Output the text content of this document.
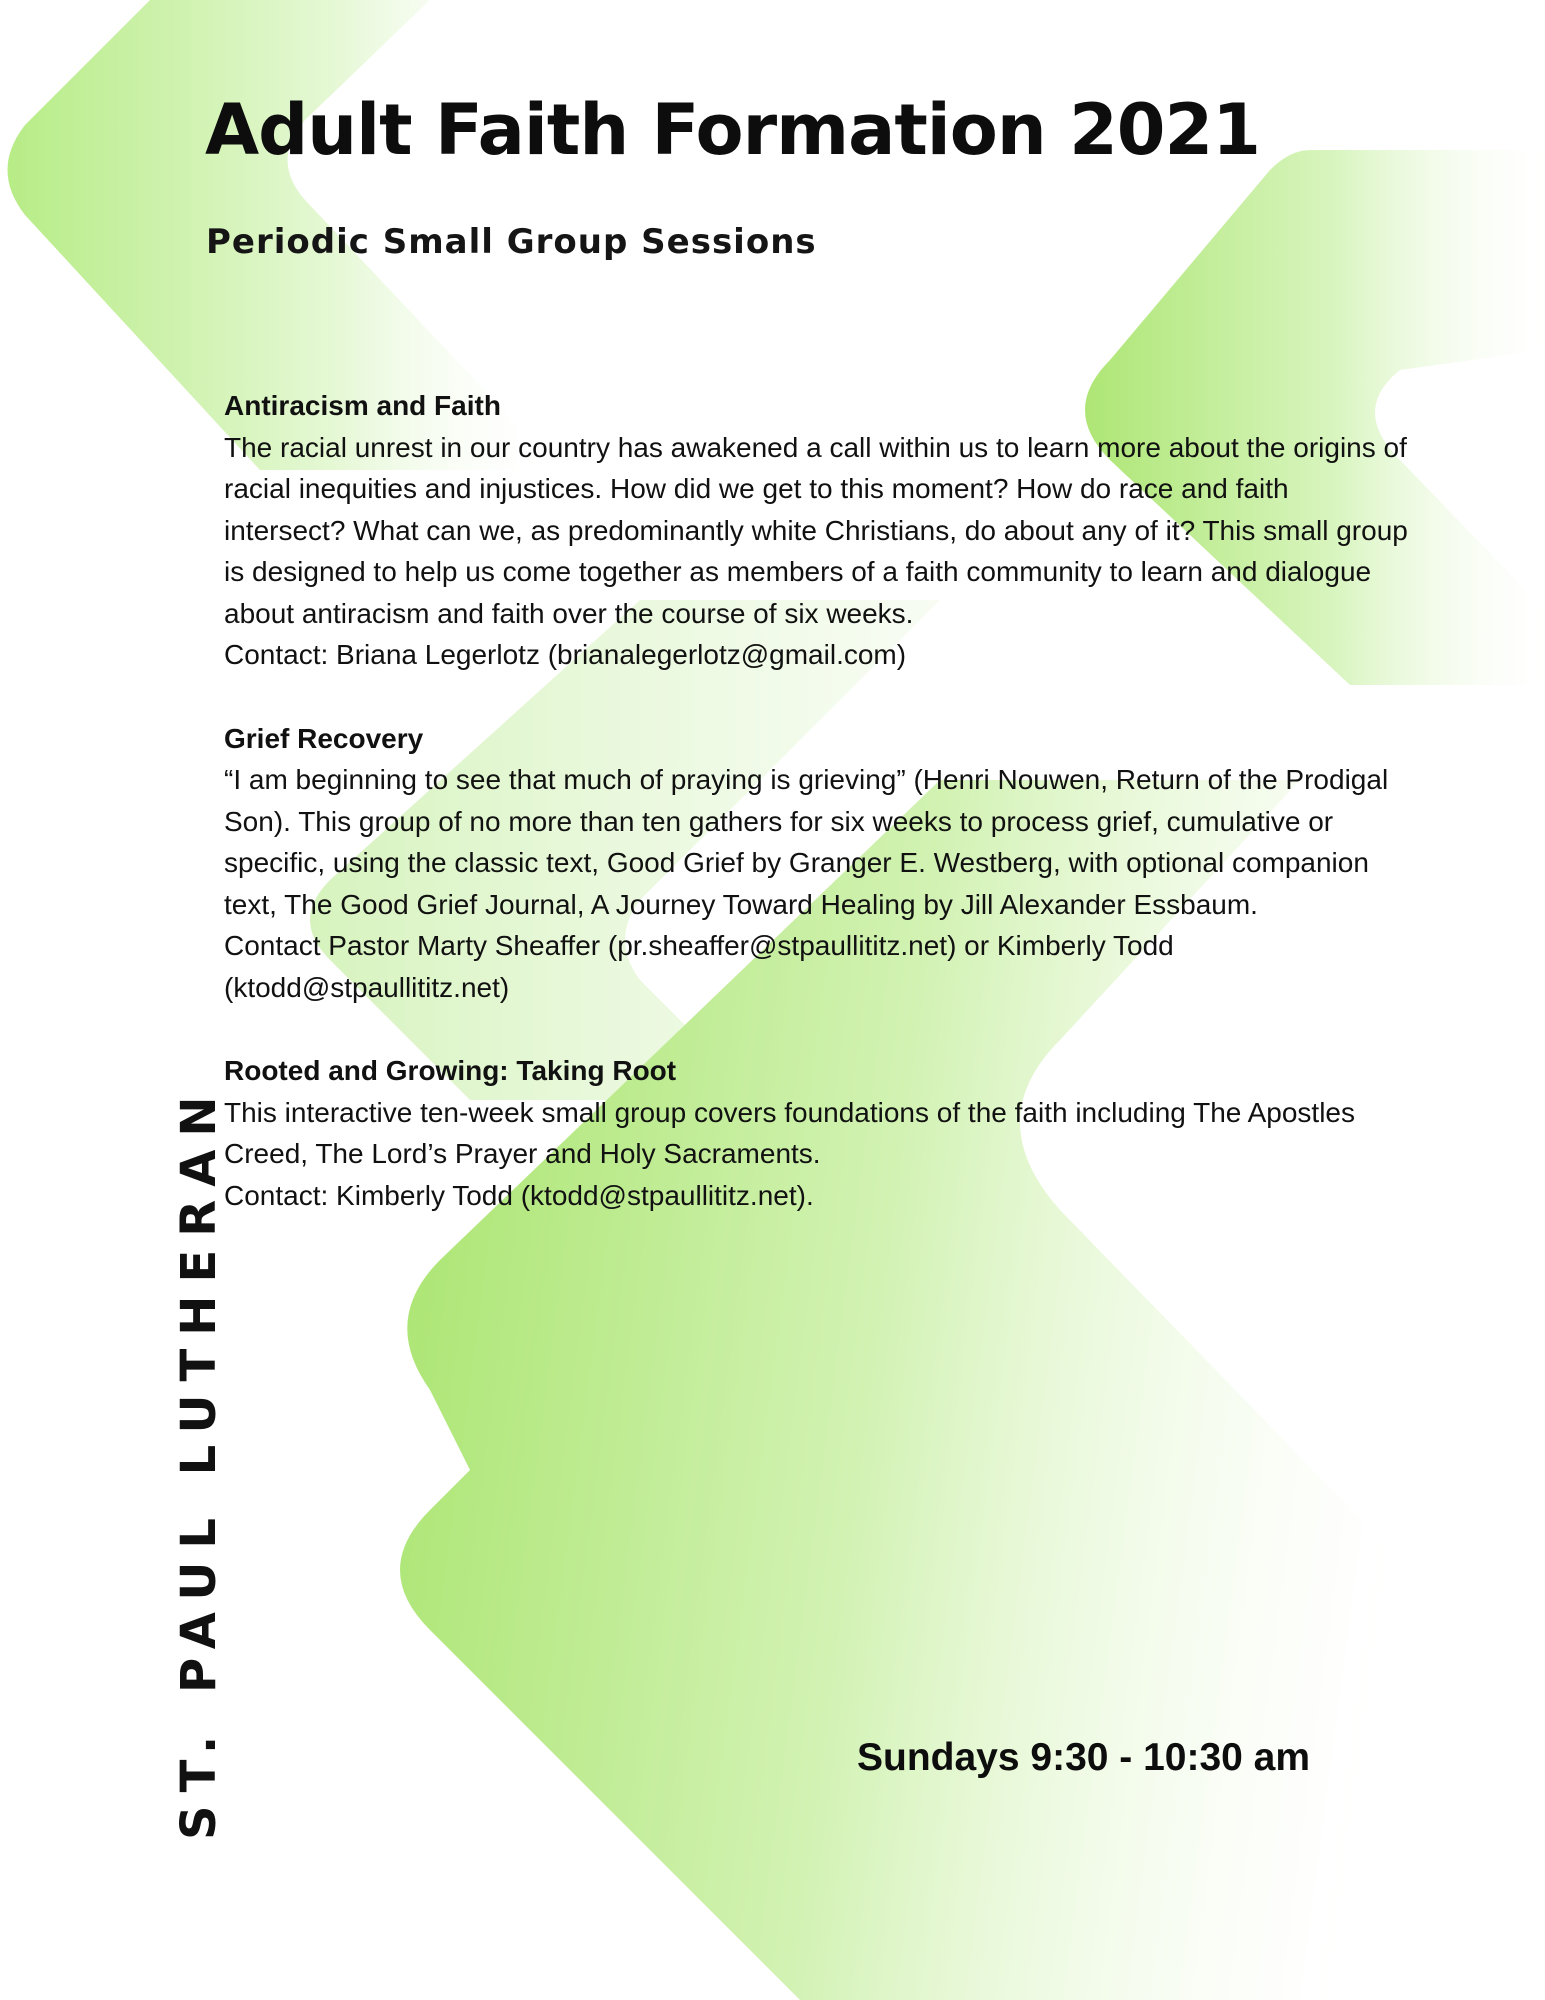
Adult Faith Formation 2021
Periodic Small Group Sessions

Antiracism and Faith

The racial unrest in our country has awakened a call within us to learn more about the origins of
racial inequities and injustices. How did we get to this moment? How do race and faith
intersect? What can we, as predominantly white Christians, do about any of it? This small group
is designed to help us come together as members of a faith community to learn and dialogue
about antiracism and faith over the course of six weeks.
Contact: Briana Legerlotz (brianalegerlotz@gmail.com)

Grief Recovery

“I am beginning to see that much of praying is grieving” (Henri Nouwen, Return of the Prodigal
Son). This group of no more than ten gathers for six weeks to process grief, cumulative or
specific, using the classic text, Good Grief by Granger E. Westberg, with optional companion
text, The Good Grief Journal, A Journey Toward Healing by Jill Alexander Essbaum.
Contact Pastor Marty Sheaffer (pr.sheaffer@stpaullititz.net) or Kimberly Todd
(ktodd@stpaullititz.net)

Rooted and Growing: Taking Root

This interactive ten-week small group covers foundations of the faith including The Apostles
Creed, The Lord’s Prayer and Holy Sacraments.
Contact: Kimberly Todd (ktodd@stpaullititz.net).

ST. PAUL LUTHERAN	Sundays 9:30 - 10:30 am
